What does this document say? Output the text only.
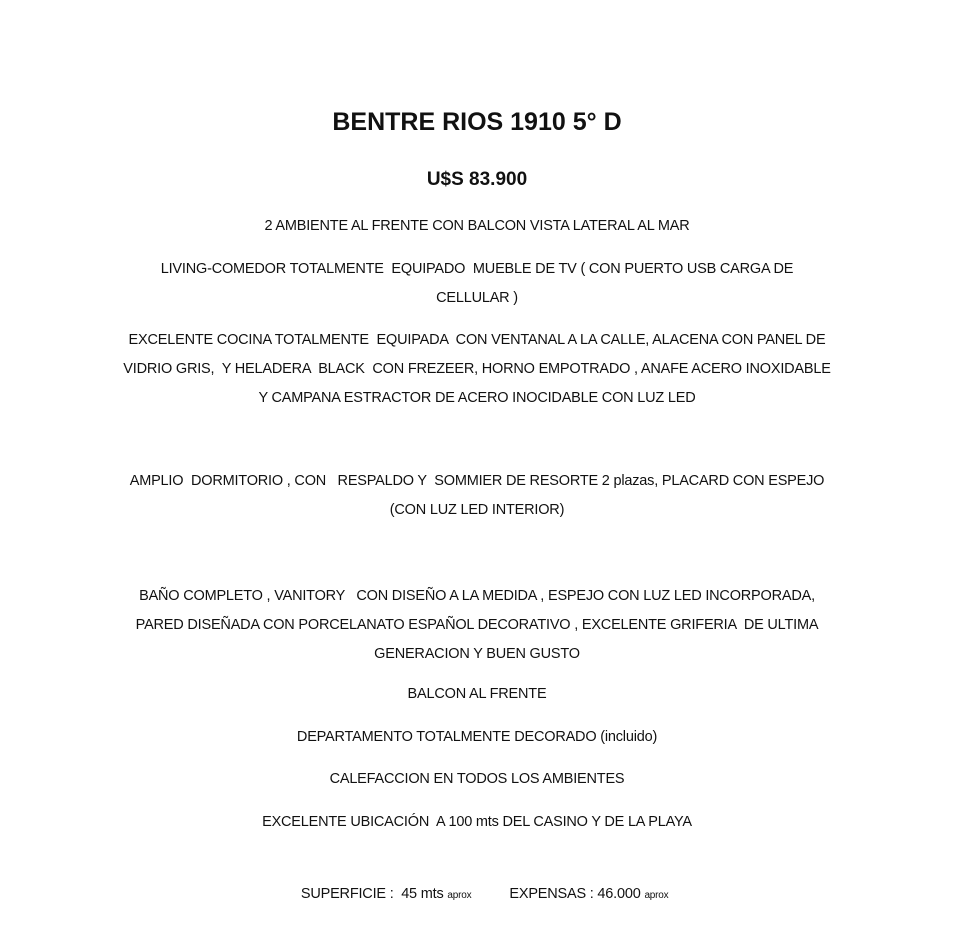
BENTRE RIOS 1910 5° D
U$S 83.900
2 AMBIENTE AL FRENTE CON BALCON VISTA LATERAL AL MAR
LIVING-COMEDOR TOTALMENTE  EQUIPADO  MUEBLE DE TV ( CON PUERTO USB CARGA DE
CELLULAR )
EXCELENTE COCINA TOTALMENTE  EQUIPADA  CON VENTANAL A LA CALLE, ALACENA CON PANEL DE
VIDRIO GRIS,  Y HELADERA  BLACK  CON FREZEER, HORNO EMPOTRADO , ANAFE ACERO INOXIDABLE
Y CAMPANA ESTRACTOR DE ACERO INOCIDABLE CON LUZ LED
AMPLIO  DORMITORIO , CON   RESPALDO Y  SOMMIER DE RESORTE 2 plazas, PLACARD CON ESPEJO
(CON LUZ LED INTERIOR)
BAÑO COMPLETO , VANITORY   CON DISEÑO A LA MEDIDA , ESPEJO CON LUZ LED INCORPORADA,
PARED DISEÑADA CON PORCELANATO ESPAÑOL DECORATIVO , EXCELENTE GRIFERIA  DE ULTIMA
GENERACION Y BUEN GUSTO
BALCON AL FRENTE
DEPARTAMENTO TOTALMENTE DECORADO (incluido)
CALEFACCION EN TODOS LOS AMBIENTES
EXCELENTE UBICACIÓN  A 100 mts DEL CASINO Y DE LA PLAYA

SUPERFICIE :  45 mts aprox	EXPENSAS : 46.000 aprox
